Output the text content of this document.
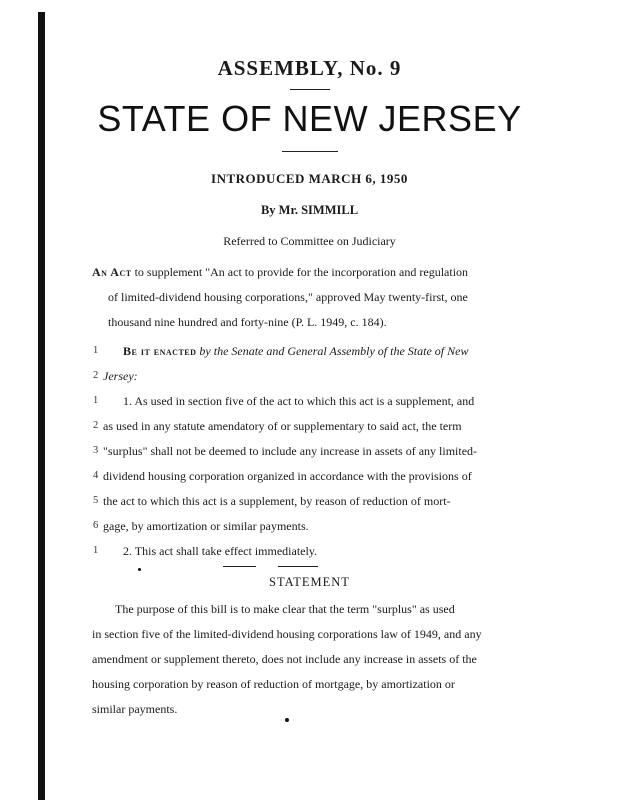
ASSEMBLY, No. 9
STATE OF NEW JERSEY
INTRODUCED MARCH 6, 1950
By Mr. SIMMILL
Referred to Committee on Judiciary
An Act to supplement "An act to provide for the incorporation and regulation
of limited-dividend housing corporations," approved May twenty-first, one
thousand nine hundred and forty-nine (P. L. 1949, c. 184).
1 Be it enacted by the Senate and General Assembly of the State of New
2 Jersey:
1 1. As used in section five of the act to which this act is a supplement, and
2 as used in any statute amendatory of or supplementary to said act, the term
3 "surplus" shall not be deemed to include any increase in assets of any limited-
4 dividend housing corporation organized in accordance with the provisions of
5 the act to which this act is a supplement, by reason of reduction of mort-
6 gage, by amortization or similar payments.
1 2. This act shall take effect immediately.
STATEMENT
The purpose of this bill is to make clear that the term "surplus" as used
in section five of the limited-dividend housing corporations law of 1949, and any
amendment or supplement thereto, does not include any increase in assets of the
housing corporation by reason of reduction of mortgage, by amortization or
similar payments.
